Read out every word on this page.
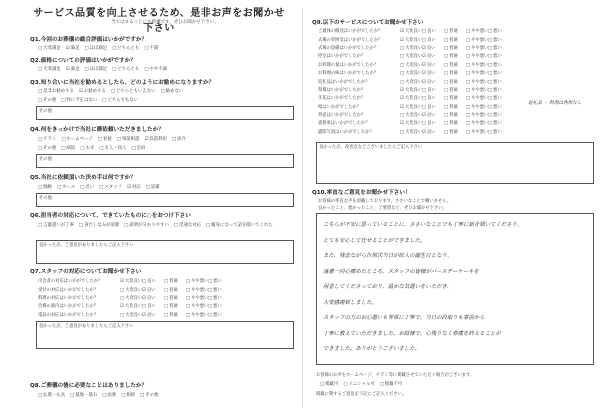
サービス品質を向上させるため、是非お声をお聞かせ下さい
当てはまることにも結構です。ぜひお聞かせ下さい。
Q1.今回のお葬儀の総合評価はいかがですか？
□ 大変満足 ☑ 満足 □ ほぼ満足 □ どちらとも □ 不満
Q2.価格についての評価はいかがですか？
□ 大変満足 ☑ 満足 □ ほぼ満足 □ どちらとも □ やや不満
Q3.知り合いに当社を勧めるとしたら、どのようにお勧めになりますか？
□ 是非お勧めする ☑ お勧めする □ どちらともいえない □ 勧めない
□ その他 □ 特に予定はない □ どちらでもない
その他
Q4.何をきっかけで当社に御依頼いただきましたか？
□ チラシ □ ホームページ □ 看板 □ 事前相談 ☑ 以前利用 □ 紹介
□ その他 □ 病院 □ お寺 □ 友人・知人 □ 会員
その他
Q5.当社に依頼頂いた決め手は何ですか？
□ 価格 □ ホール □ 近い □ スタッフ ☑ 対応 □ 設備
その他
Q6.担当者の対応について、できていたものに○をおつけ下さい
□ 言葉遣いが丁寧 □ 身だしなみが清潔 □ 説明が分かりやすい □ 迅速な対応 □ 親身になって話を聞いてくれた
良かった点、ご意見がありましたらご記入下さい
Q7.スタッフの対応についてお聞かせ下さい
司会者の対応はいかがでしたか？	☑ 大変良い	□ 良い	□ 普通	□ やや悪い	□ 悪い
受付の対応はいかがでしたか？	□ 大変良い	☑ 良い	□ 普通	□ やや悪い	□ 悪い
料理の対応はいかがでしたか？	□ 大変良い	☑ 良い	□ 普通	□ やや悪い	□ 悪い
会場の案内はいかがでしたか？	☑ 大変良い	□ 良い	□ 普通	□ やや悪い	□ 悪い
電話の対応はいかがでしたか？	□ 大変良い	☑ 良い	□ 普通	□ やや悪い	□ 悪い
良かった点、ご意見がありましたらご記入下さい
Q8.ご葬儀の後に必要なことはありましたか？
□ 仏壇・仏具 □ 墓地・墓石 □ 法要 □ 相続 □ その他
Q9.以下のサービスについてお聞かせ下さい
ご遺体の搬送はいかがでしたか？	☑ 大変良い	□ 良い	□ 普通	□ やや悪い	□ 悪い
式場の雰囲気はいかがでしたか？	☑ 大変良い	□ 良い	□ 普通	□ やや悪い	□ 悪い
式場の設備はいかがでしたか？	□ 大変良い	☑ 良い	□ 普通	□ やや悪い	□ 悪い
控室はいかがでしたか？	□ 大変良い	☑ 良い	□ 普通	□ やや悪い	□ 悪い
お料理の量はいかがでしたか？	□ 大変良い	☑ 良い	□ 普通	□ やや悪い	□ 悪い
お料理の味はいかがでしたか？	□ 大変良い	☑ 良い	□ 普通	□ やや悪い	□ 悪い
返礼品はいかがでしたか？	□ 大変良い	☑ 良い	□ 普通	□ やや悪い	□ 悪い
祭壇はいかがでしたか？	☑ 大変良い	□ 良い	□ 普通	□ やや悪い	□ 悪い
生花はいかがでしたか？	☑ 大変良い	□ 良い	□ 普通	□ やや悪い	□ 悪い
棺はいかがでしたか？	☑ 大変良い	□ 良い	□ 普通	□ やや悪い	□ 悪い
骨壺はいかがでしたか？	□ 大変良い	☑ 良い	□ 普通	□ やや悪い	□ 悪い
霊柩車はいかがでしたか？	☑ 大変良い	□ 良い	□ 普通	□ やや悪い	□ 悪い
遺影写真はいかがでしたか？	□ 大変良い	☑ 良い	□ 普通	□ やや悪い	□ 悪い
返礼品 ・ 料理は利用なし
良かった点、改善点などございましたらご記入下さい
Q10.率直なご意見をお聞かせ下さい！
お客様の率直な声を頂戴しております。ささいなことで構いません。
良かったこと、悪かったこと、ご要望など、ぜひお聞かせ下さい。
こちらが不安に思っていることに、ささいなことでも丁寧に話を聞いてくださり、
とても安心して任せることができました。
また、残念ながら告別式当日が故人の誕生日となり、
遠慮一同心痛めたところ、スタッフの皆様がバースデーケーキを
用意してくださっており、温かな気遣いをいただき、
大変感謝致しました。
スタッフの方のお心遣いも非常に丁寧で、当日の段取りも事前から
丁寧に教えていただきました。お陰様で、心残りなく葬儀を終えることが
できました。ありがとうございました。
お客様のお声をホームページ、チラシ等に掲載させていただく場合がございます。
□ 掲載可 □ イニシャル可 □ 掲載不可
掲載に関するご意見を下記にご記入ください。
